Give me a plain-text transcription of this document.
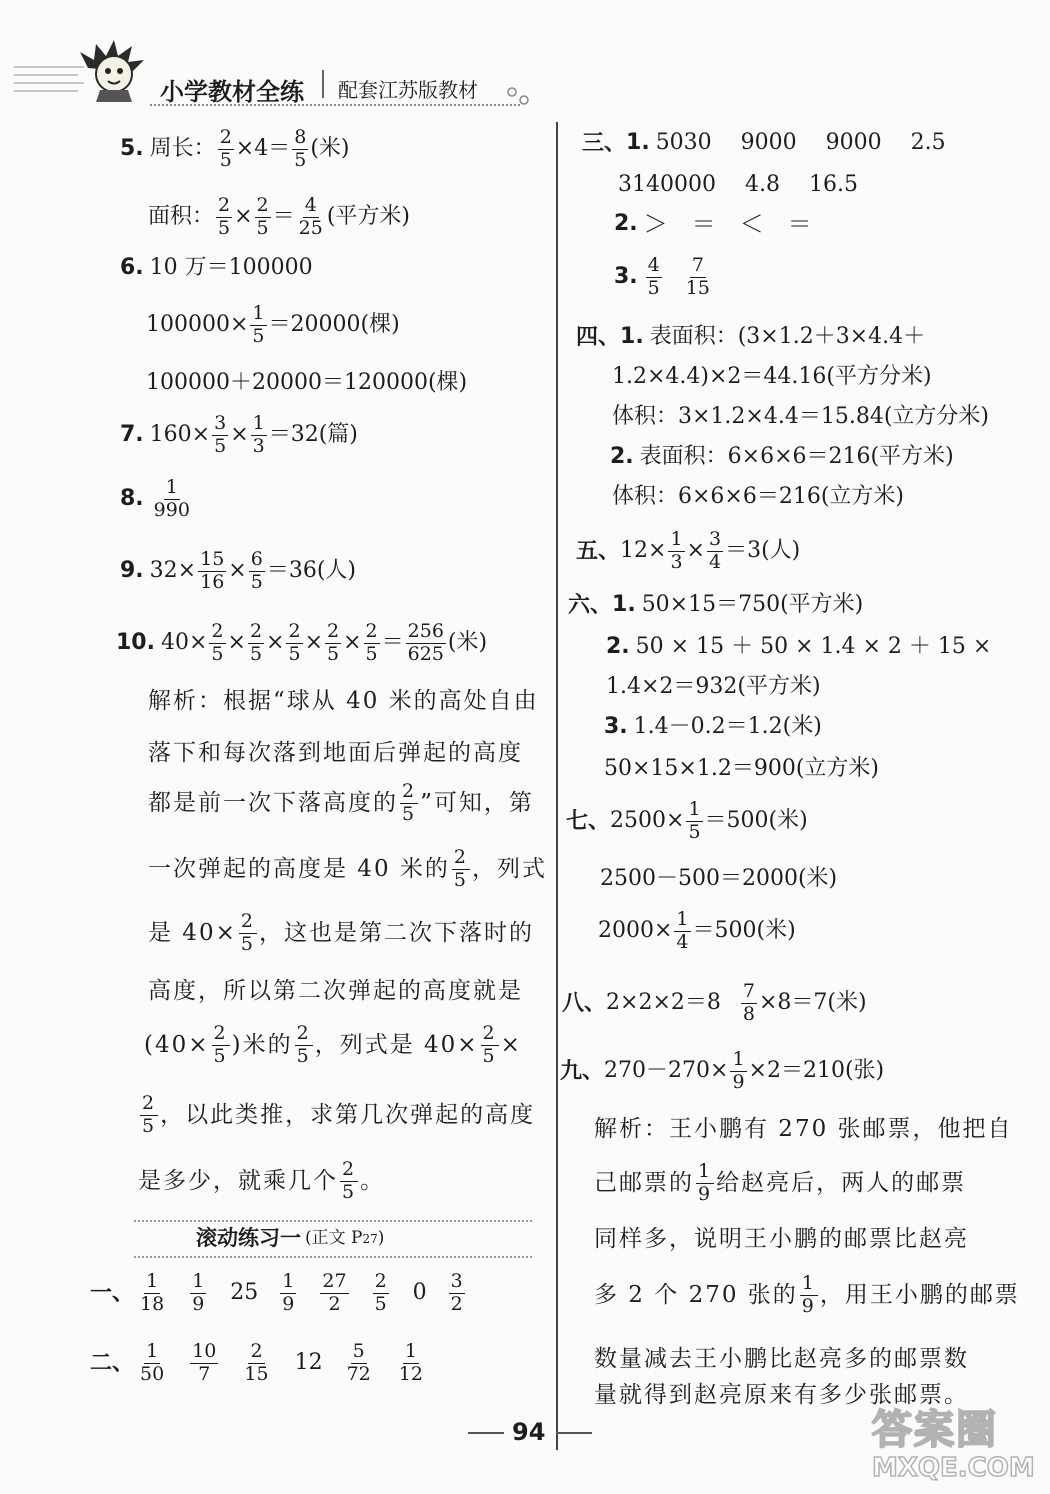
小学教材全练 配套江苏版教材
5. 周长： $\frac{2}{5} \times 4= 8$
5 (米)
面积： $\frac{2}{5} \times \frac{2}{5} = 4$
25 (平方米)
6. 10 万＝100000
$100000\times \frac{1}{5} =20000$(棵)
100000＋20000＝120000(棵)
7. $160\times \frac{3}{5} \times \frac{1}{3} =32$(篇)
8. 1
990
9. $32\times \frac{15}{16} \times \frac{6}{5} =36$(人)
10. $40\times \frac{2}{5} \times \frac{2}{5} \times \frac{2}{5} \times \frac{2}{5} \times \frac{2}{5} = 256$
625 (米)
解析：根据“球从 40 米的高处自由
落下和每次落到地面后弹起的高度
都是前一次下落高度的 2
5 ”可知，第
一次弹起的高度是 40 米的 2
5 ，列式
是 $40\times \frac{2}{5}$ ，这也是第二次下落时的
高度，所以第二次弹起的高度就是
($40\times \frac{2}{5}$ )米的 2
5 ，列式是 $40\times \frac{2}{5}$ ×
2
5 ，以此类推，求第几次弹起的高度
是多少，就乘几个 2
5 。
滚动练习一 (正文 P 27 )
一、 1
18
1
9 25 1
9
27
2
2
5 0 3
2
二、 1
50
10
7
2
15 12 5
72
1
12
三、 1. 5030　 9000　 9000　 2.5
3140000　 4.8　 16.5
2. ＞　＝　＜　＝
3. 4
5
7
15
四、 1. 表面积：(3×1.2＋3×4.4＋
1.2×4.4)×2＝44.16(平方分米)
体积：3×1.2×4.4＝15.84(立方分米)
2. 表面积：6×6×6＝216(平方米)
体积：6×6×6＝216(立方米)
五、 $12\times \frac{1}{3} \times \frac{3}{4} =3$(人)
六、 1. 50×15＝750(平方米)
2. 50 × 15 ＋ 50 × 1.4 × 2 ＋ 15 ×
1.4×2＝932(平方米)
3. 1.4－0.2＝1.2(米)
50×15×1.2＝900(立方米)
七、 $2500\times \frac{1}{5} =500$(米)
2500－500＝2000(米)
$2000\times \frac{1}{4} =500$(米)
八、 $2\times 2\times 2=8 \frac{7}{8} \times 8=7$(米)
九、 $270-270\times \frac{1}{9} \times 2=210$(张)
解析：王小鹏有 270 张邮票，他把自
己邮票的 1
9 给赵亮后，两人的邮票
同样多，说明王小鹏的邮票比赵亮
多 2 个 270 张的 1
9 ，用王小鹏的邮票
数量减去王小鹏比赵亮多的邮票数
量就得到赵亮原来有多少张邮票。
94	答案圈
MXQE.COM
